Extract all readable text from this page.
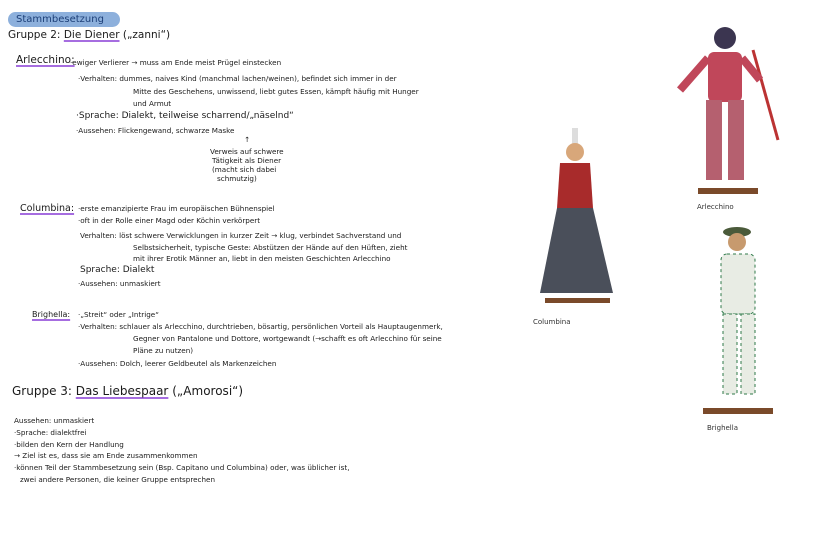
Stammbesetzung
Gruppe 2: Die Diener („zanni“)
Arlecchino:
·ewiger Verlierer → muss am Ende meist Prügel einstecken
·Verhalten: dummes, naives Kind (manchmal lachen/weinen), befindet sich immer in der
Mitte des Geschehens, unwissend, liebt gutes Essen, kämpft häufig mit Hunger
und Armut
·Sprache: Dialekt, teilweise scharrend/„näselnd“
·Aussehen: Flickengewand, schwarze Maske
↑
Verweis auf schwere
Tätigkeit als Diener
(macht sich dabei
schmutzig)
Columbina: ·erste emanzipierte Frau im europäischen Bühnenspiel
·oft in der Rolle einer Magd oder Köchin verkörpert
Verhalten: löst schwere Verwicklungen in kurzer Zeit → klug, verbindet Sachverstand und
Selbstsicherheit, typische Geste: Abstützen der Hände auf den Hüften, zieht
mit ihrer Erotik Männer an, liebt in den meisten Geschichten Arlecchino
Sprache: Dialekt
·Aussehen: unmaskiert
Brighella: ·„Streit“ oder „Intrige“
·Verhalten: schlauer als Arlecchino, durchtrieben, bösartig, persönlichen Vorteil als Hauptaugenmerk,
Gegner von Pantalone und Dottore, wortgewandt (→schafft es oft Arlecchino für seine
Pläne zu nutzen)
·Aussehen: Dolch, leerer Geldbeutel als Markenzeichen
Gruppe 3: Das Liebespaar („Amorosi“)
Aussehen: unmaskiert
·Sprache: dialektfrei
·bilden den Kern der Handlung
→ Ziel ist es, dass sie am Ende zusammenkommen
·können Teil der Stammbesetzung sein (Bsp. Capitano und Columbina) oder, was üblicher ist,
zwei andere Personen, die keiner Gruppe entsprechen
Arlecchino
Columbina
Brighella
